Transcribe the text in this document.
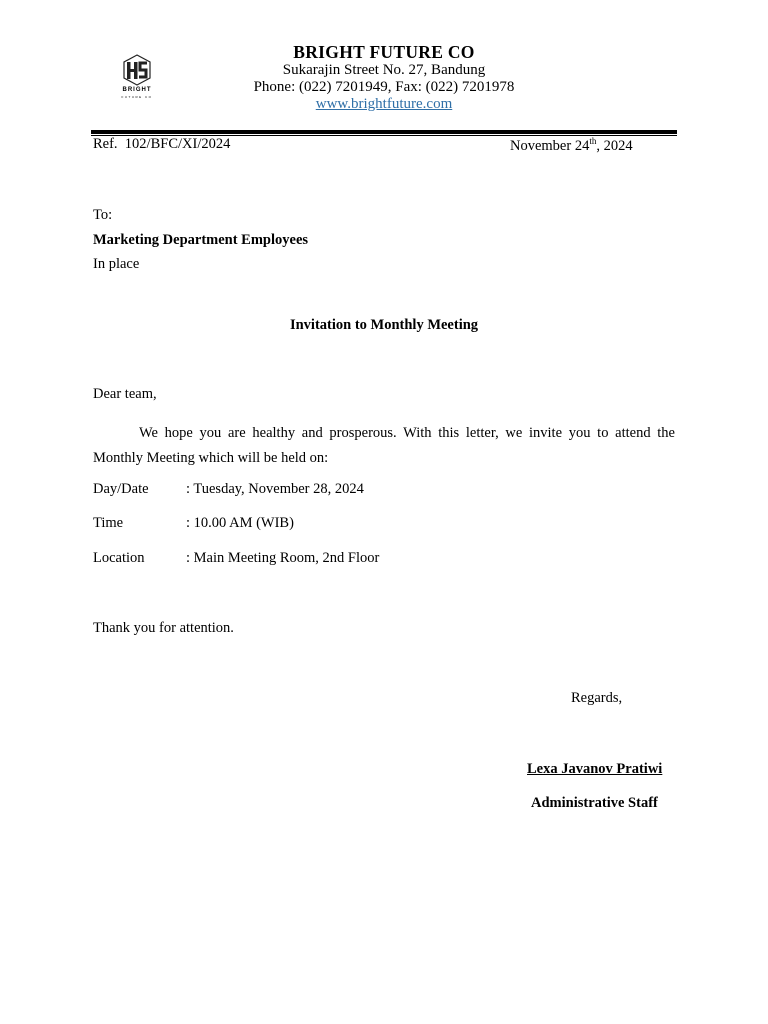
BRIGHT
FUTURE CO
BRIGHT FUTURE CO
Sukarajin Street No. 27, Bandung
Phone: (022) 7201949, Fax: (022) 7201978
www.brightfuture.com
Ref.  102/BFC/XI/2024	November 24th, 2024
To:
Marketing Department Employees
In place
Invitation to Monthly Meeting
Dear team,
We hope you are healthy and prosperous. With this letter, we invite you to attend the Monthly Meeting which will be held on:
Day/Date	: Tuesday, November 28, 2024
Time	: 10.00 AM (WIB)
Location	: Main Meeting Room, 2nd Floor
Thank you for attention.
Regards,
Lexa Javanov Pratiwi
Administrative Staff
